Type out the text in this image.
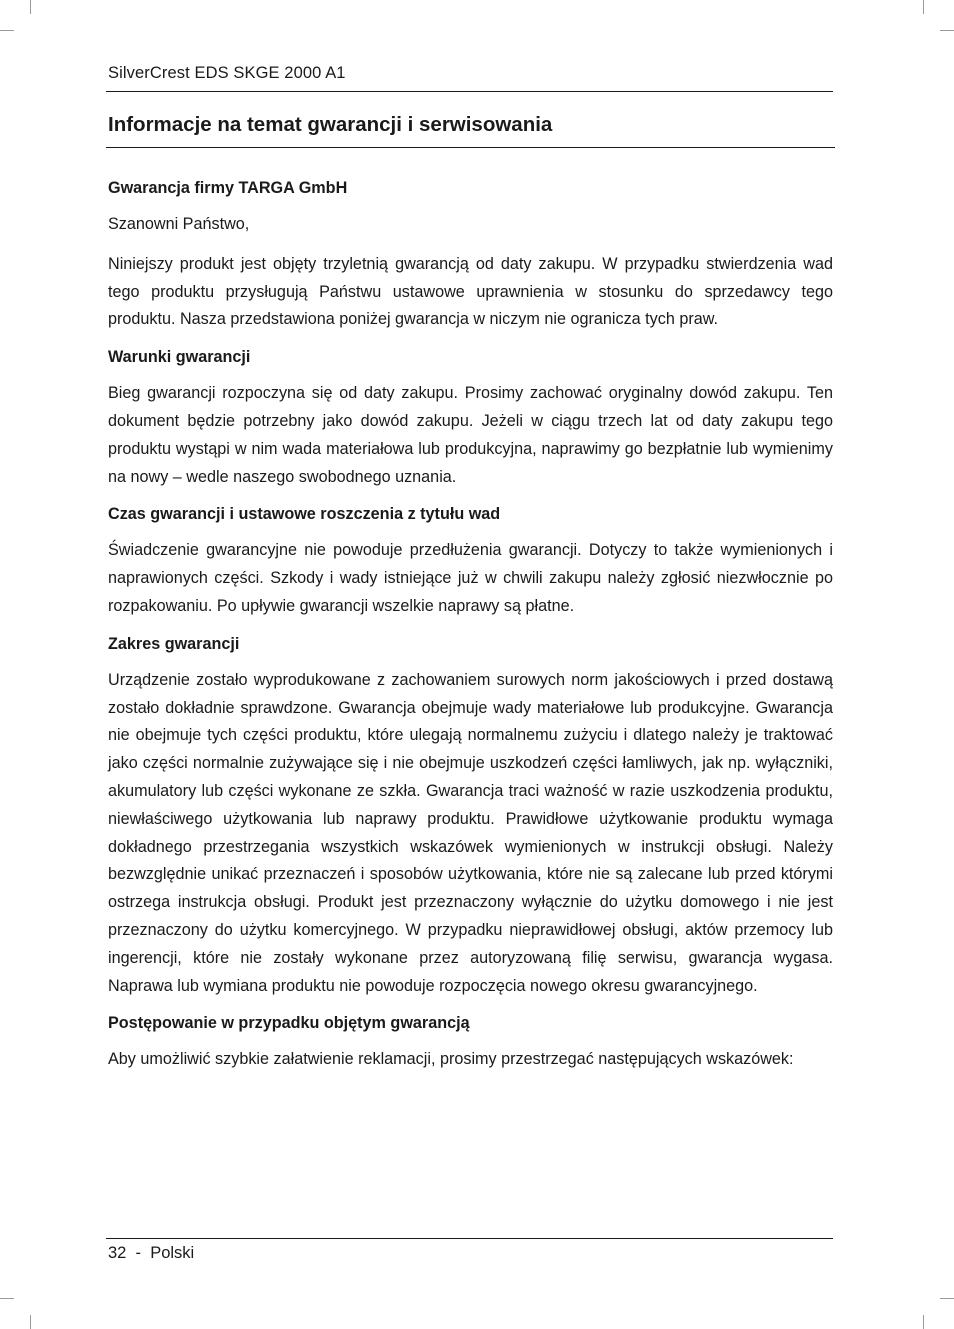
SilverCrest EDS SKGE 2000 A1
Informacje na temat gwarancji i serwisowania
Gwarancja firmy TARGA GmbH

Szanowni Państwo,

Niniejszy produkt jest objęty trzyletnią gwarancją od daty zakupu. W przypadku stwierdzenia wad tego produktu przysługują Państwu ustawowe uprawnienia w stosunku do sprzedawcy tego produktu. Nasza przedstawiona poniżej gwarancja w niczym nie ogranicza tych praw.

Warunki gwarancji

Bieg gwarancji rozpoczyna się od daty zakupu. Prosimy zachować oryginalny dowód zakupu. Ten dokument będzie potrzebny jako dowód zakupu. Jeżeli w ciągu trzech lat od daty zakupu tego produktu wystąpi w nim wada materiałowa lub produkcyjna, naprawimy go bezpłatnie lub wymienimy na nowy – wedle naszego swobodnego uznania.

Czas gwarancji i ustawowe roszczenia z tytułu wad

Świadczenie gwarancyjne nie powoduje przedłużenia gwarancji. Dotyczy to także wymienionych i naprawionych części. Szkody i wady istniejące już w chwili zakupu należy zgłosić niezwłocznie po rozpakowaniu. Po upływie gwarancji wszelkie naprawy są płatne.

Zakres gwarancji

Urządzenie zostało wyprodukowane z zachowaniem surowych norm jakościowych i przed dostawą zostało dokładnie sprawdzone. Gwarancja obejmuje wady materiałowe lub produkcyjne. Gwarancja nie obejmuje tych części produktu, które ulegają normalnemu zużyciu i dlatego należy je traktować jako części normalnie zużywające się i nie obejmuje uszkodzeń części łamliwych, jak np. wyłączniki, akumulatory lub części wykonane ze szkła. Gwarancja traci ważność w razie uszkodzenia produktu, niewłaściwego użytkowania lub naprawy produktu. Prawidłowe użytkowanie produktu wymaga dokładnego przestrzegania wszystkich wskazówek wymienionych w instrukcji obsługi. Należy bezwzględnie unikać przeznaczeń i sposobów użytkowania, które nie są zalecane lub przed którymi ostrzega instrukcja obsługi. Produkt jest przeznaczony wyłącznie do użytku domowego i nie jest przeznaczony do użytku komercyjnego. W przypadku nieprawidłowej obsługi, aktów przemocy lub ingerencji, które nie zostały wykonane przez autoryzowaną filię serwisu, gwarancja wygasa. Naprawa lub wymiana produktu nie powoduje rozpoczęcia nowego okresu gwarancyjnego.

Postępowanie w przypadku objętym gwarancją

Aby umożliwić szybkie załatwienie reklamacji, prosimy przestrzegać następujących wskazówek:

32 - Polski
